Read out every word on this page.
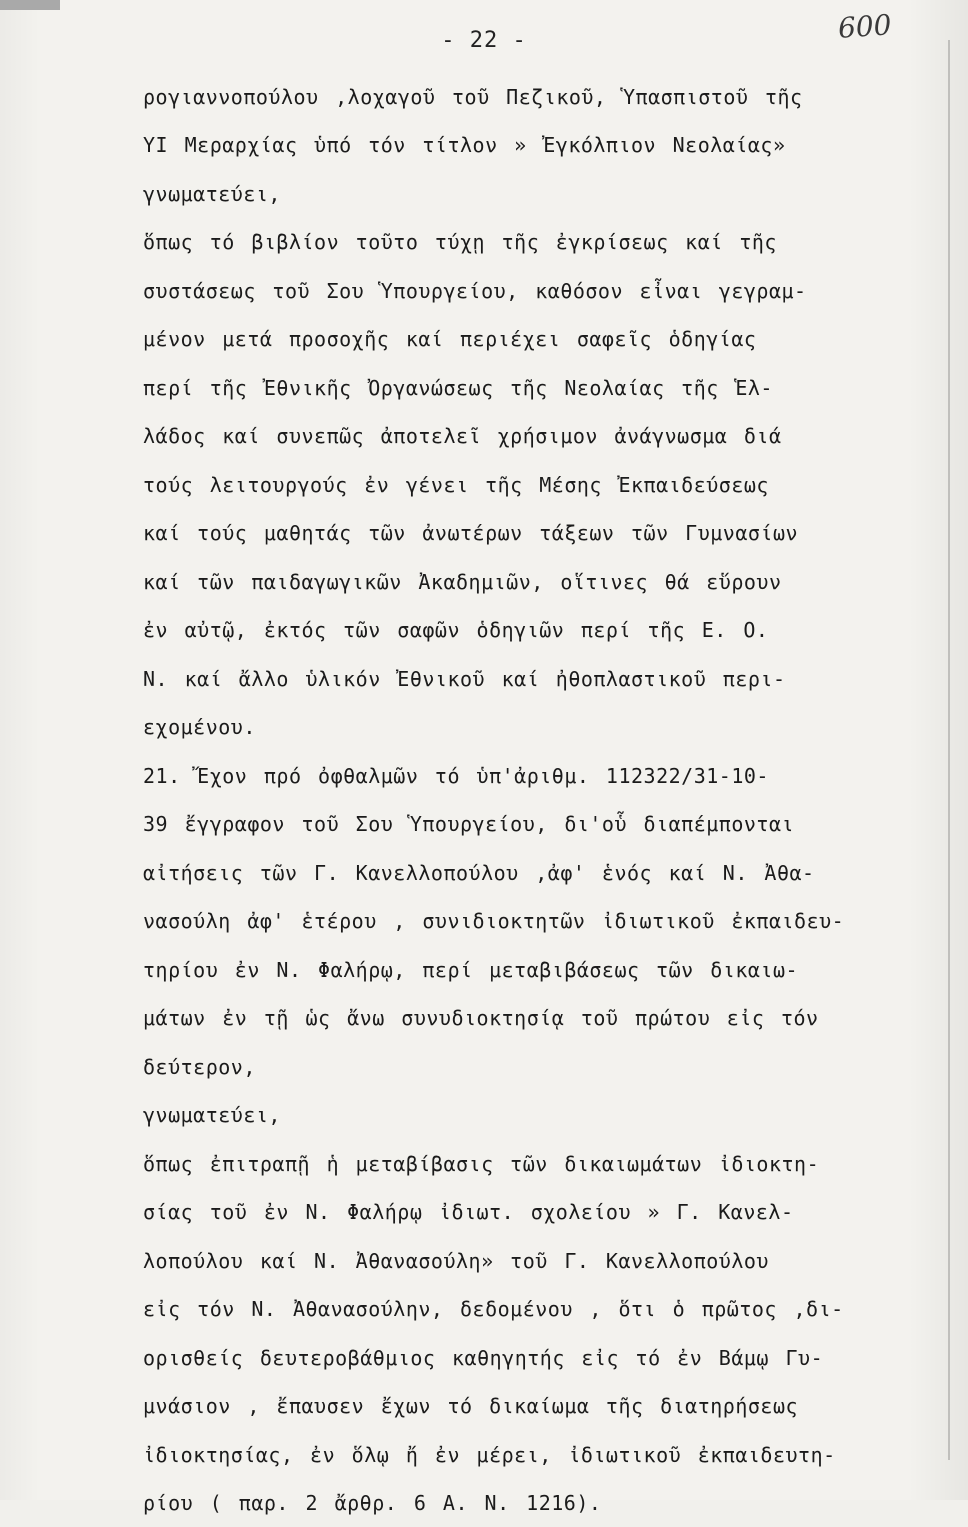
- 22 -	600
ρογιαννοπούλου ,λοχαγοῦ τοῦ Πεζικοῦ, Ὑπασπιστοῦ τῆς
ΥΙ Μεραρχίας ὑπό τόν τίτλον » Ἐγκόλπιον Νεολαίας»
γνωματεύει,
ὅπως τό βιβλίον τοῦτο τύχῃ τῆς ἐγκρίσεως καί τῆς
συστάσεως τοῦ Σου Ὑπουργείου, καθόσον εἶναι γεγραμ-
μένον μετά προσοχῆς καί περιέχει σαφεῖς ὁδηγίας
περί τῆς Ἐθνικῆς Ὀργανώσεως τῆς Νεολαίας τῆς Ἑλ-
λάδος καί συνεπῶς ἀποτελεῖ χρήσιμον ἀνάγνωσμα διά
τούς λειτουργούς ἐν γένει τῆς Μέσης Ἐκπαιδεύσεως
καί τούς μαθητάς τῶν ἀνωτέρων τάξεων τῶν Γυμνασίων
καί τῶν παιδαγωγικῶν Ἀκαδημιῶν, οἵτινες θά εὕρουν
ἐν αὐτῷ, ἐκτός τῶν σαφῶν ὁδηγιῶν περί τῆς Ε. Ο.
Ν. καί ἄλλο ὑλικόν Ἐθνικοῦ καί ἠθοπλαστικοῦ περι-
εχομένου.
21. Ἔχον πρό ὀφθαλμῶν τό ὑπ'ἀριθμ. 112322/31-10-
39 ἔγγραφον τοῦ Σου Ὑπουργείου, δι'οὗ διαπέμπονται
αἰτήσεις τῶν Γ. Κανελλοπούλου ,ἀφ' ἑνός καί Ν. Ἀθα-
νασούλη ἀφ' ἑτέρου , συνιδιοκτητῶν ἰδιωτικοῦ ἐκπαιδευ-
τηρίου ἐν Ν. Φαλήρῳ, περί μεταβιβάσεως τῶν δικαιω-
μάτων ἐν τῇ ὡς ἄνω συνυδιοκτησίᾳ τοῦ πρώτου εἰς τόν
δεύτερον,
γνωματεύει,
ὅπως ἐπιτραπῇ ἡ μεταβίβασις τῶν δικαιωμάτων ἰδιοκτη-
σίας τοῦ ἐν Ν. Φαλήρῳ ἰδιωτ. σχολείου » Γ. Κανελ-
λοπούλου καί Ν. Ἀθανασούλη» τοῦ Γ. Κανελλοπούλου
εἰς τόν Ν. Ἀθανασούλην, δεδομένου , ὅτι ὁ πρῶτος ,δι-
ορισθείς δευτεροβάθμιος καθηγητής εἰς τό ἐν Βάμῳ Γυ-
μνάσιον , ἔπαυσεν ἔχων τό δικαίωμα τῆς διατηρήσεως
ἰδιοκτησίας, ἐν ὅλῳ ἤ ἐν μέρει, ἰδιωτικοῦ ἐκπαιδευτη-
ρίου ( παρ. 2 ἄρθρ. 6 Α. Ν. 1216).
